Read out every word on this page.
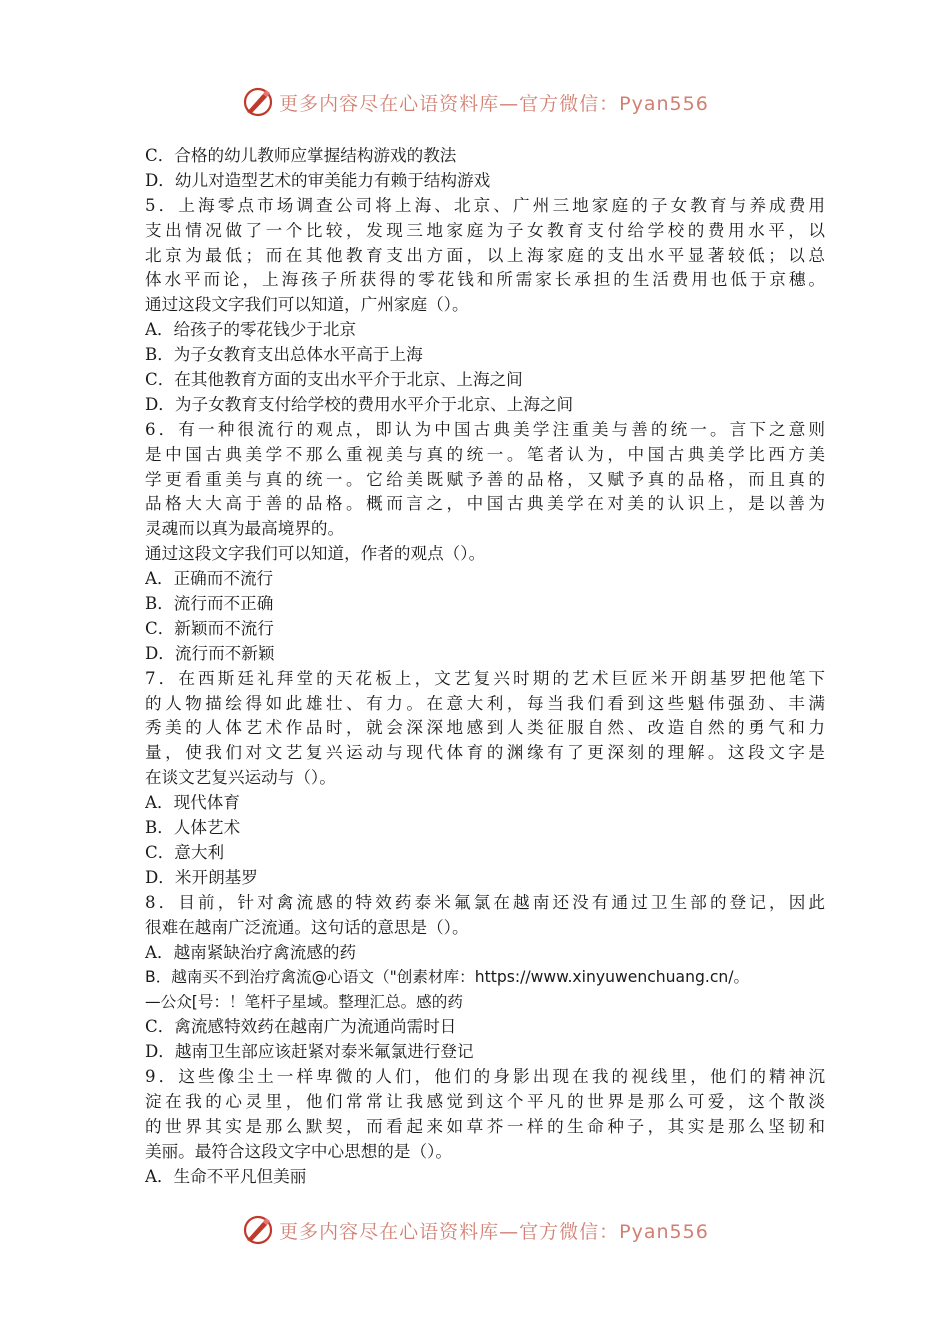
更多内容尽在心语资料库—官方微信：Pyan556
C．合格的幼儿教师应掌握结构游戏的教法
D．幼儿对造型艺术的审美能力有赖于结构游戏
5．上海零点市场调查公司将上海、北京、广州三地家庭的子女教育与养成费用
支出情况做了一个比较，发现三地家庭为子女教育支付给学校的费用水平，以
北京为最低；而在其他教育支出方面，以上海家庭的支出水平显著较低；以总
体水平而论，上海孩子所获得的零花钱和所需家长承担的生活费用也低于京穗。
通过这段文字我们可以知道，广州家庭（）。
A．给孩子的零花钱少于北京
B．为子女教育支出总体水平高于上海
C．在其他教育方面的支出水平介于北京、上海之间
D．为子女教育支付给学校的费用水平介于北京、上海之间
6．有一种很流行的观点，即认为中国古典美学注重美与善的统一。言下之意则
是中国古典美学不那么重视美与真的统一。笔者认为，中国古典美学比西方美
学更看重美与真的统一。它给美既赋予善的品格，又赋予真的品格，而且真的
品格大大高于善的品格。概而言之，中国古典美学在对美的认识上，是以善为
灵魂而以真为最高境界的。
通过这段文字我们可以知道，作者的观点（）。
A．正确而不流行
B．流行而不正确
C．新颖而不流行
D．流行而不新颖
7．在西斯廷礼拜堂的天花板上，文艺复兴时期的艺术巨匠米开朗基罗把他笔下
的人物描绘得如此雄壮、有力。在意大利，每当我们看到这些魁伟强劲、丰满
秀美的人体艺术作品时，就会深深地感到人类征服自然、改造自然的勇气和力
量，使我们对文艺复兴运动与现代体育的渊缘有了更深刻的理解。这段文字是
在谈文艺复兴运动与（）。
A．现代体育
B．人体艺术
C．意大利
D．米开朗基罗
8．目前，针对禽流感的特效药泰米氟氯在越南还没有通过卫生部的登记，因此
很难在越南广泛流通。这句话的意思是（）。
A．越南紧缺治疗禽流感的药
B．越南买不到治疗禽流@心语文（"创素材库：https://www.xinyuwenchuang.cn/。
—公众[号：！笔杆子星域。整理汇总。感的药
C．禽流感特效药在越南广为流通尚需时日
D．越南卫生部应该赶紧对泰米氟氯进行登记
9．这些像尘土一样卑微的人们，他们的身影出现在我的视线里，他们的精神沉
淀在我的心灵里，他们常常让我感觉到这个平凡的世界是那么可爱，这个散淡
的世界其实是那么默契，而看起来如草芥一样的生命种子，其实是那么坚韧和
美丽。最符合这段文字中心思想的是（）。
A．生命不平凡但美丽
更多内容尽在心语资料库—官方微信：Pyan556
